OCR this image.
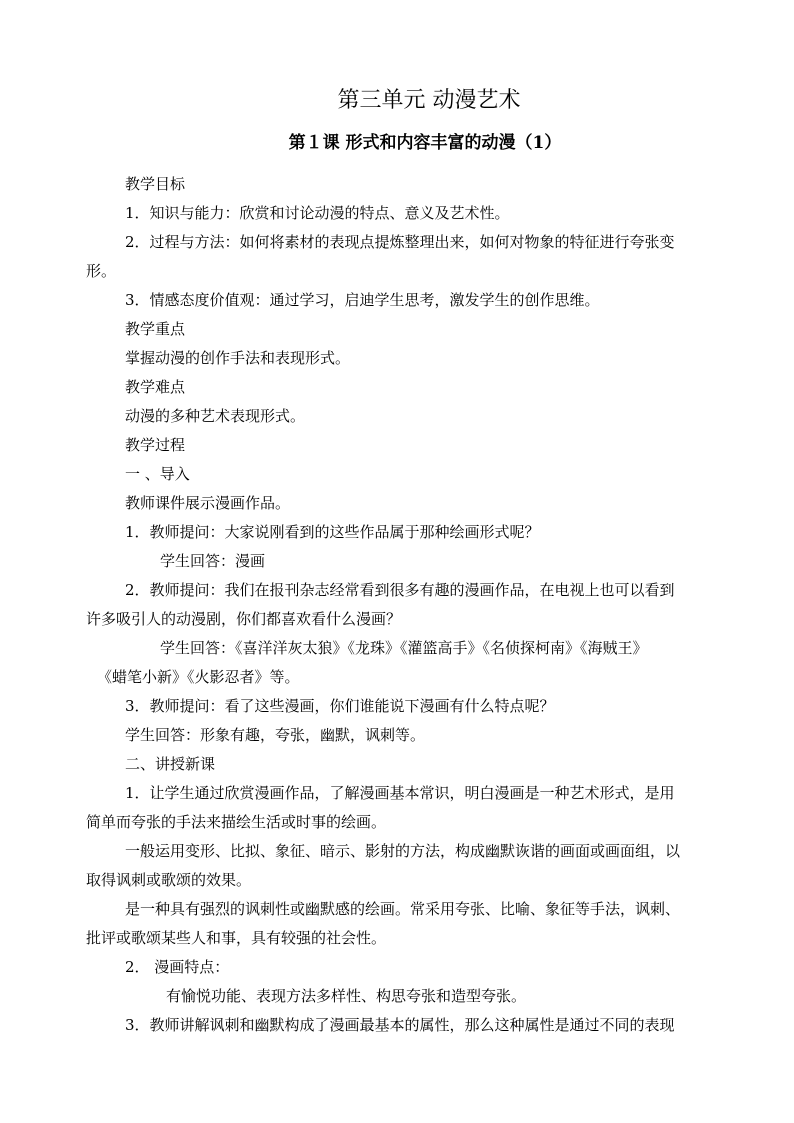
第三单元 动漫艺术
第１课 形式和内容丰富的动漫（1）
教学目标
1．知识与能力：欣赏和讨论动漫的特点、意义及艺术性。
2．过程与方法：如何将素材的表现点提炼整理出来，如何对物象的特征进行夸张变
形。
3．情感态度价值观：通过学习，启迪学生思考，激发学生的创作思维。
教学重点
掌握动漫的创作手法和表现形式。
教学难点
动漫的多种艺术表现形式。
教学过程
一 、导入
教师课件展示漫画作品。
1．教师提问：大家说刚看到的这些作品属于那种绘画形式呢？
学生回答：漫画
2．教师提问：我们在报刊杂志经常看到很多有趣的漫画作品，在电视上也可以看到
许多吸引人的动漫剧，你们都喜欢看什么漫画？
学生回答：《喜洋洋灰太狼》《龙珠》《灌篮高手》《名侦探柯南》《海贼王》
《蜡笔小新》《火影忍者》等。
3．教师提问：看了这些漫画，你们谁能说下漫画有什么特点呢？
学生回答：形象有趣，夸张，幽默，讽刺等。
二、讲授新课
1．让学生通过欣赏漫画作品，了解漫画基本常识，明白漫画是一种艺术形式，是用
简单而夸张的手法来描绘生活或时事的绘画。
一般运用变形、比拟、象征、暗示、影射的方法，构成幽默诙谐的画面或画面组，以
取得讽刺或歌颂的效果。
是一种具有强烈的讽刺性或幽默感的绘画。常采用夸张、比喻、象征等手法，讽刺、
批评或歌颂某些人和事，具有较强的社会性。
2． 漫画特点：
有愉悦功能、表现方法多样性、构思夸张和造型夸张。
3．教师讲解讽刺和幽默构成了漫画最基本的属性，那么这种属性是通过不同的表现
